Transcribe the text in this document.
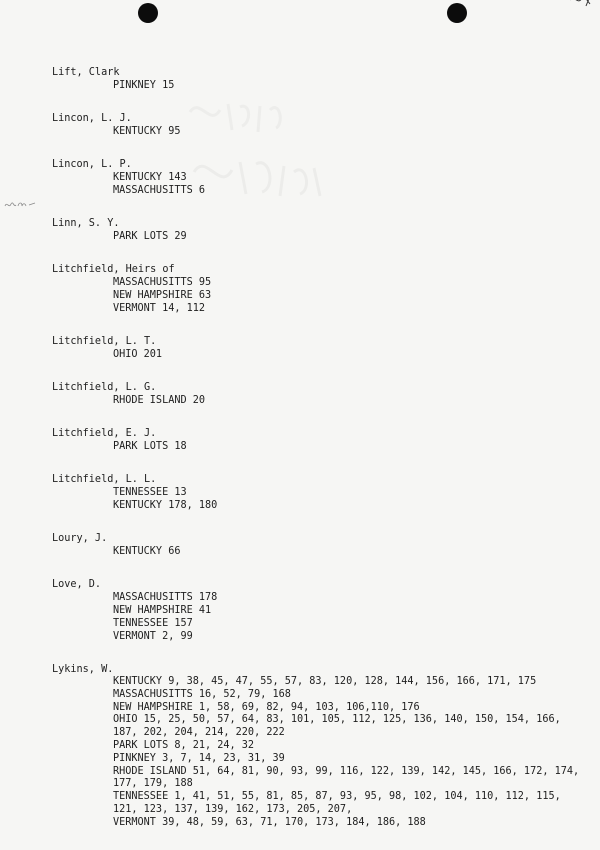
Lift, Clark
PINKNEY 15
Lincon, L. J.
KENTUCKY 95
Lincon, L. P.
KENTUCKY 143
MASSACHUSITTS 6
Linn, S. Y.
PARK LOTS 29
Litchfield, Heirs of
MASSACHUSITTS 95
NEW HAMPSHIRE 63
VERMONT 14, 112
Litchfield, L. T.
OHIO 201
Litchfield, L. G.
RHODE ISLAND 20
Litchfield, E. J.
PARK LOTS 18
Litchfield, L. L.
TENNESSEE 13
KENTUCKY 178, 180
Loury, J.
KENTUCKY 66
Love, D.
MASSACHUSITTS 178
NEW HAMPSHIRE 41
TENNESSEE 157
VERMONT 2, 99
Lykins, W.
KENTUCKY 9, 38, 45, 47, 55, 57, 83, 120, 128, 144, 156, 166, 171, 175
MASSACHUSITTS 16, 52, 79, 168
NEW HAMPSHIRE 1, 58, 69, 82, 94, 103, 106,110, 176
OHIO 15, 25, 50, 57, 64, 83, 101, 105, 112, 125, 136, 140, 150, 154, 166,
187, 202, 204, 214, 220, 222
PARK LOTS 8, 21, 24, 32
PINKNEY 3, 7, 14, 23, 31, 39
RHODE ISLAND 51, 64, 81, 90, 93, 99, 116, 122, 139, 142, 145, 166, 172, 174,
177, 179, 188
TENNESSEE 1, 41, 51, 55, 81, 85, 87, 93, 95, 98, 102, 104, 110, 112, 115,
121, 123, 137, 139, 162, 173, 205, 207,
VERMONT 39, 48, 59, 63, 71, 170, 173, 184, 186, 188
